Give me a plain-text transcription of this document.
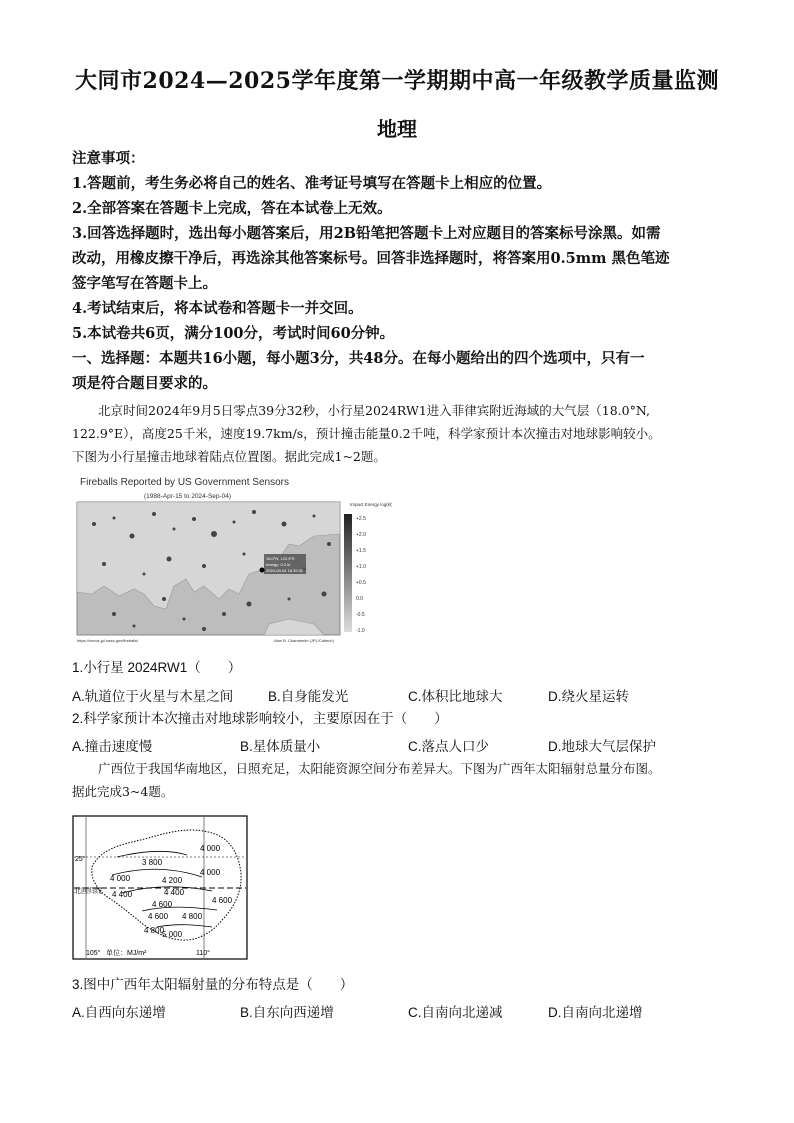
大同市2024—2025学年度第一学期期中高一年级教学质量监测
地理
注意事项：
1.答题前，考生务必将自己的姓名、准考证号填写在答题卡上相应的位置。
2.全部答案在答题卡上完成，答在本试卷上无效。
3.回答选择题时，选出每小题答案后，用2B铅笔把答题卡上对应题目的答案标号涂黑。如需
改动，用橡皮擦干净后，再选涂其他答案标号。回答非选择题时，将答案用0.5mm 黑色笔迹
签字笔写在答题卡上。
4.考试结束后，将本试卷和答题卡一并交回。
5.本试卷共6页，满分100分，考试时间60分钟。
一、选择题：本题共16小题，每小题3分，共48分。在每小题给出的四个选项中，只有一
项是符合题目要求的。
北京时间2024年9月5日零点39分32秒，小行星2024RW1进入菲律宾附近海域的大气层（18.0°N,
122.9°E），高度25千米，速度19.7km/s，预计撞击能量0.2千吨，科学家预计本次撞击对地球影响较小。
下图为小行星撞击地球着陆点位置图。据此完成1~2题。
Fireballs Reported by US Government Sensors
(1988-Apr-15 to 2024-Sep-04)
18.0°N, 122.9°E
energy: 0.2 kt
2024-09-04 16:39:32
Impact Energy log(kt)
+2.5
+2.0
+1.5
+1.0
+0.5
0.0
-0.5
-1.0
https://cneos.jpl.nasa.gov/fireballs/	Alan B. Chamberlin (JPL/Caltech)
1.小行星 2024RW1（　　）
A.轨道位于火星与木星之间	B.自身能发光	C.体积比地球大	D.绕火星运转
2.科学家预计本次撞击对地球影响较小，主要原因在于（　　）
A.撞击速度慢	B.星体质量小	C.落点人口少	D.地球大气层保护
广西位于我国华南地区，日照充足，太阳能资源空间分布差异大。下图为广西年太阳辐射总量分布图。
据此完成3~4题。
3 800
4 000
4 000
4 200
4 000
4 400
4 400
4 600	4 600
4 800
4 600
4 800
5 000
25°
北回归线
105° 单位：MJ/m²	110°
3.图中广西年太阳辐射量的分布特点是（　　）
A.自西向东递增	B.自东向西递增	C.自南向北递减	D.自南向北递增
